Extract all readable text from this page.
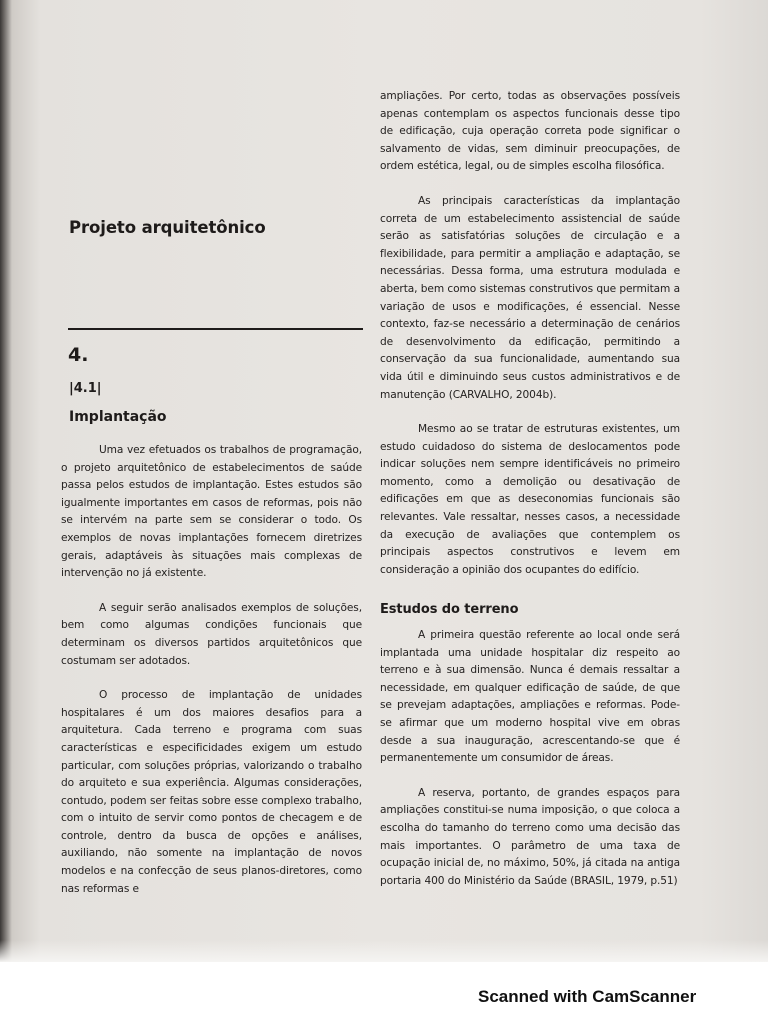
Projeto arquitetônico
4.
|4.1|
Implantação

Uma vez efetuados os trabalhos de programação, o projeto arquitetônico de estabelecimentos de saúde passa pelos estudos de implantação. Estes estudos são igualmente importantes em casos de reformas, pois não se intervém na parte sem se considerar o todo. Os exemplos de novas implantações fornecem diretrizes gerais, adaptáveis às situações mais complexas de intervenção no já existente.

A seguir serão analisados exemplos de soluções, bem como algumas condições funcionais que determinam os diversos partidos arquitetônicos que costumam ser adotados.

O processo de implantação de unidades hospitalares é um dos maiores desafios para a arquitetura. Cada terreno e programa com suas características e especificidades exigem um estudo particular, com soluções próprias, valorizando o trabalho do arquiteto e sua experiência. Algumas considerações, contudo, podem ser feitas sobre esse complexo trabalho, com o intuito de servir como pontos de checagem e de controle, dentro da busca de opções e análises, auxiliando, não somente na implantação de novos modelos e na confecção de seus planos-diretores, como nas reformas e

ampliações. Por certo, todas as observações possíveis apenas contemplam os aspectos funcionais desse tipo de edificação, cuja operação correta pode significar o salvamento de vidas, sem diminuir preocupações, de ordem estética, legal, ou de simples escolha filosófica.

As principais características da implantação correta de um estabelecimento assistencial de saúde serão as satisfatórias soluções de circulação e a flexibilidade, para permitir a ampliação e adaptação, se necessárias. Dessa forma, uma estrutura modulada e aberta, bem como sistemas construtivos que permitam a variação de usos e modificações, é essencial. Nesse contexto, faz-se necessário a determinação de cenários de desenvolvimento da edificação, permitindo a conservação da sua funcionalidade, aumentando sua vida útil e diminuindo seus custos administrativos e de manutenção (CARVALHO, 2004b).

Mesmo ao se tratar de estruturas existentes, um estudo cuidadoso do sistema de deslocamentos pode indicar soluções nem sempre identificáveis no primeiro momento, como a demolição ou desativação de edificações em que as deseconomias funcionais são relevantes. Vale ressaltar, nesses casos, a necessidade da execução de avaliações que contemplem os principais aspectos construtivos e levem em consideração a opinião dos ocupantes do edifício.

Estudos do terreno

A primeira questão referente ao local onde será implantada uma unidade hospitalar diz respeito ao terreno e à sua dimensão. Nunca é demais ressaltar a necessidade, em qualquer edificação de saúde, de que se prevejam adaptações, ampliações e reformas. Pode-se afirmar que um moderno hospital vive em obras desde a sua inauguração, acrescentando-se que é permanentemente um consumidor de áreas.

A reserva, portanto, de grandes espaços para ampliações constitui-se numa imposição, o que coloca a escolha do tamanho do terreno como uma decisão das mais importantes. O parâmetro de uma taxa de ocupação inicial de, no máximo, 50%, já citada na antiga portaria 400 do Ministério da Saúde (BRASIL, 1979, p.51)

Scanned with CamScanner
